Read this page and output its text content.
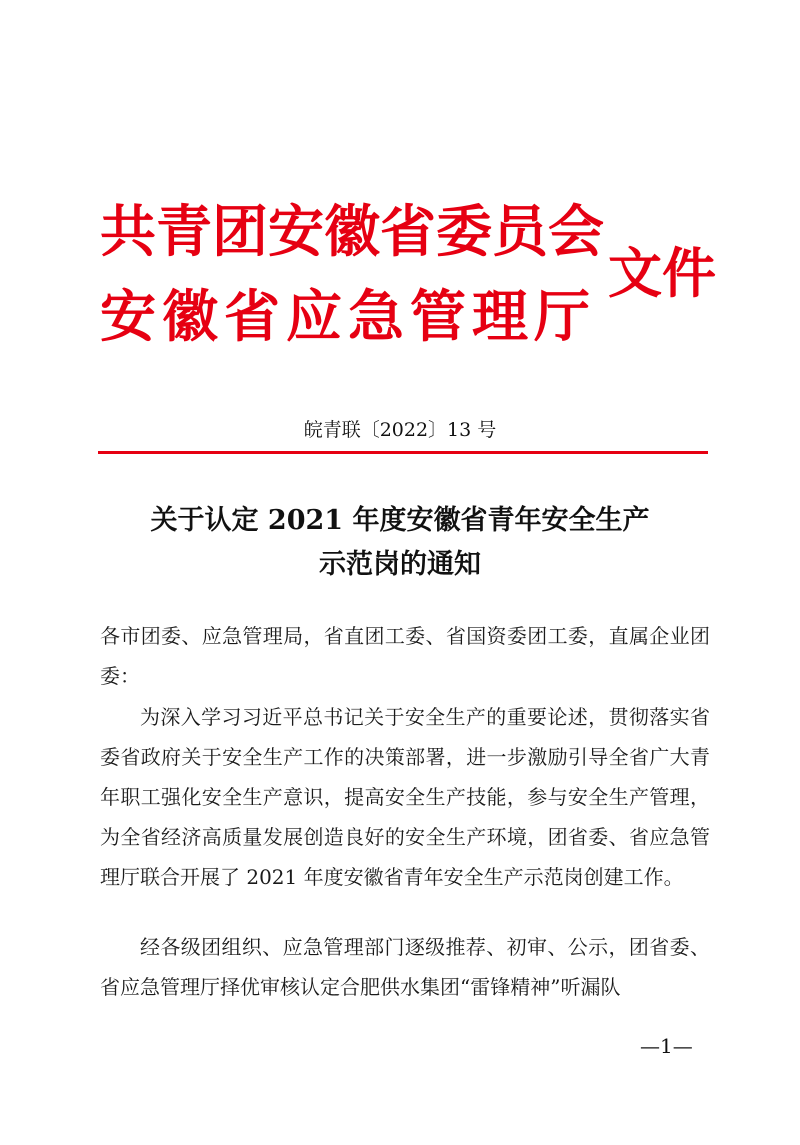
共青团安徽省委员会
安徽省应急管理厅
文件
皖青联〔2022〕13 号
关于认定 2021 年度安徽省青年安全生产
示范岗的通知
各市团委、应急管理局，省直团工委、省国资委团工委，直属企业团委：
为深入学习习近平总书记关于安全生产的重要论述，贯彻落实省委省政府关于安全生产工作的决策部署，进一步激励引导全省广大青年职工强化安全生产意识，提高安全生产技能，参与安全生产管理，为全省经济高质量发展创造良好的安全生产环境，团省委、省应急管理厅联合开展了 2021 年度安徽省青年安全生产示范岗创建工作。
经各级团组织、应急管理部门逐级推荐、初审、公示，团省委、省应急管理厅择优审核认定合肥供水集团“雷锋精神”听漏队
—1—
